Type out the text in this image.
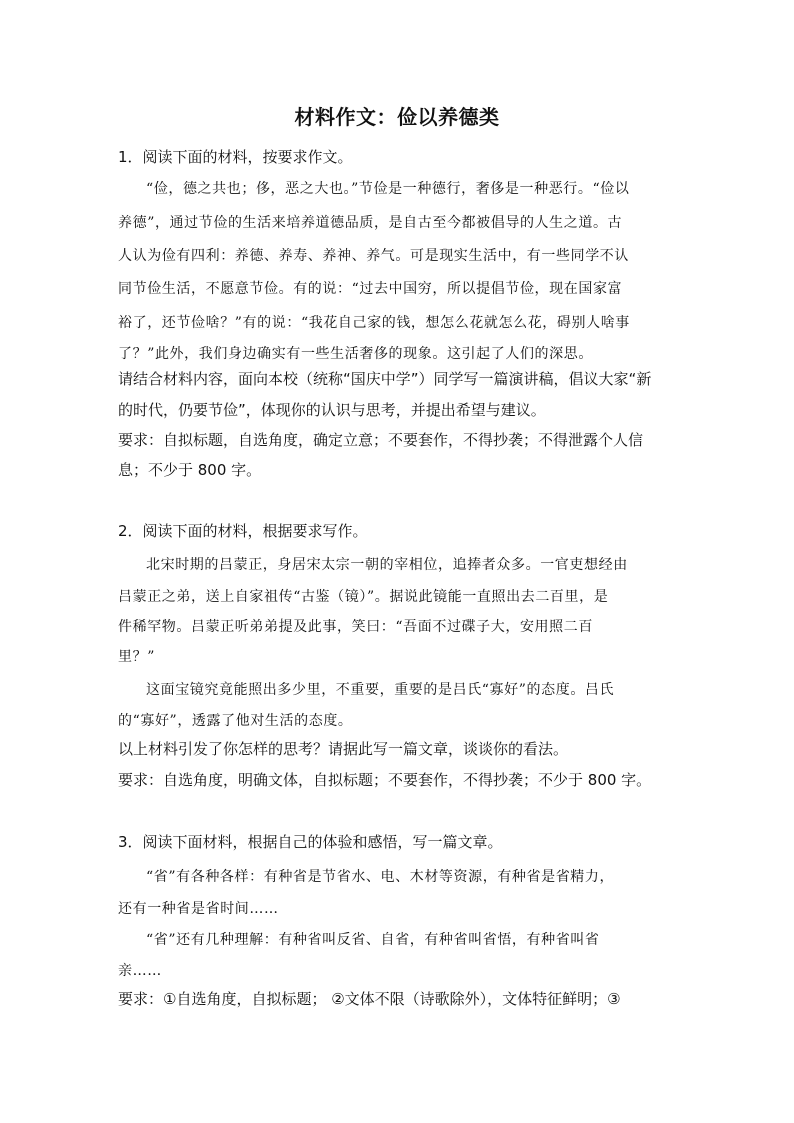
材料作文：俭以养德类
1．阅读下面的材料，按要求作文。
“俭，德之共也；侈，恶之大也。”节俭是一种德行，奢侈是一种恶行。“俭以
养德”，通过节俭的生活来培养道德品质，是自古至今都被倡导的人生之道。古
人认为俭有四利：养德、养寿、养神、养气。可是现实生活中，有一些同学不认
同节俭生活，不愿意节俭。有的说：“过去中国穷，所以提倡节俭，现在国家富
裕了，还节俭啥？”有的说：“我花自己家的钱，想怎么花就怎么花，碍别人啥事
了？”此外，我们身边确实有一些生活奢侈的现象。这引起了人们的深思。
请结合材料内容，面向本校（统称“国庆中学”）同学写一篇演讲稿，倡议大家“新
的时代，仍要节俭”，体现你的认识与思考，并提出希望与建议。
要求：自拟标题，自选角度，确定立意；不要套作，不得抄袭；不得泄露个人信
息；不少于 800 字。
2．阅读下面的材料，根据要求写作。
北宋时期的吕蒙正，身居宋太宗一朝的宰相位，追捧者众多。一官吏想经由
吕蒙正之弟，送上自家祖传“古鉴（镜）”。据说此镜能一直照出去二百里，是
件稀罕物。吕蒙正听弟弟提及此事，笑曰：“吾面不过碟子大，安用照二百
里？”
这面宝镜究竟能照出多少里，不重要，重要的是吕氏“寡好”的态度。吕氏
的“寡好”，透露了他对生活的态度。
以上材料引发了你怎样的思考？请据此写一篇文章，谈谈你的看法。
要求：自选角度，明确文体，自拟标题；不要套作，不得抄袭；不少于 800 字。
3．阅读下面材料，根据自己的体验和感悟，写一篇文章。
“省”有各种各样：有种省是节省水、电、木材等资源，有种省是省精力，
还有一种省是省时间……
“省”还有几种理解：有种省叫反省、自省，有种省叫省悟，有种省叫省
亲……
要求：①自选角度，自拟标题； ②文体不限（诗歌除外），文体特征鲜明；③
